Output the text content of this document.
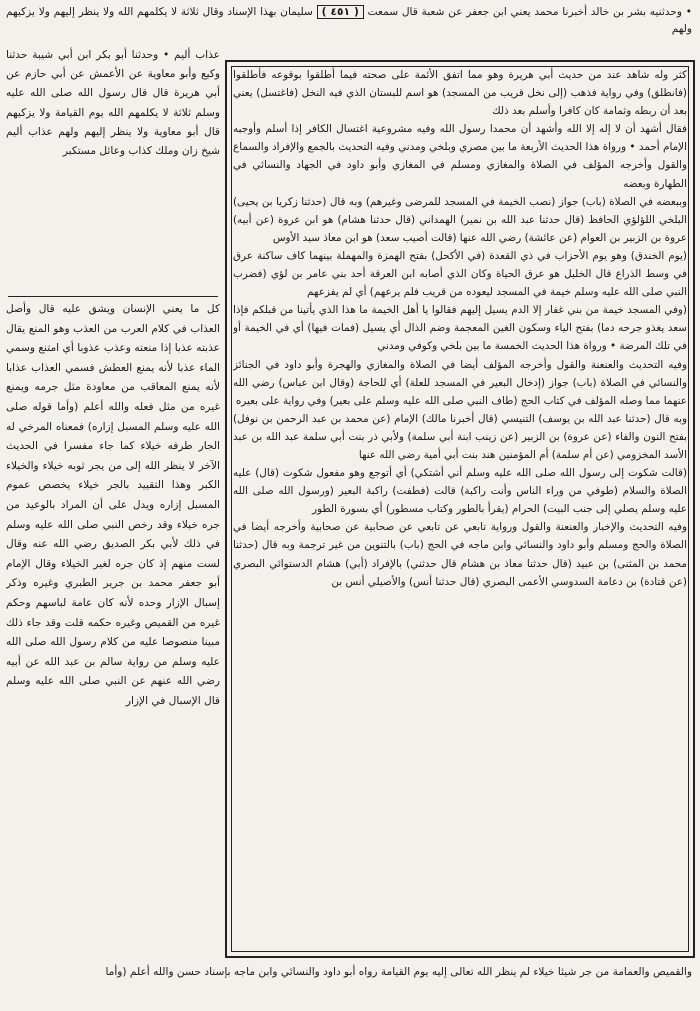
• وحدثنيه بشر بن خالد أخبرنا محمد يعني ابن جعفر عن شعبة قال سمعت ( ٤٥١ ) سليمان بهذا الإسناد وقال ثلاثة لا يكلمهم الله ولا ينظر إليهم ولا يزكيهم ولهم

كثر وله شاهد عند من حديث أبي هريرة وهو مما اتفق الأئمة على صحته فيما أطلقوا بوقوعه فأطلقوا (فانطلق) وفي رواية فذهب (إلى نخل قريب من المسجد) هو اسم للبستان الذي فيه النخل (فاغتسل) يعني بعد أن ربطه وثمامة كان كافرا وأسلم بعد ذلك

فقال أشهد أن لا إله إلا الله وأشهد أن محمدا رسول الله وفيه مشروعية اغتسال الكافر إذا أسلم وأوجبه الإمام أحمد • ورواة هذا الحديث الأربعة ما بين مصري وبلخي ومدني وفيه التحديث بالجمع والإفراد والسماع والقول وأخرجه المؤلف في الصلاة والمغازي ومسلم في المغازي وأبو داود في الجهاد والنسائي في الطهارة وبعضه

وببعضه في الصلاة (باب) جواز (نصب الخيمة في المسجد للمرضى وغيرهم) وبه قال (حدثنا زكريا بن يحيى) البلخي اللؤلؤي الحافظ (قال حدثنا عبد الله بن نمير) الهمداني (قال حدثنا هشام) هو ابن عروة (عن أبيه) عروة بن الزبير بن العوام (عن عائشة) رضي الله عنها (قالت أصيب سعد) هو ابن معاذ سيد الأوس

(يوم الخندق) وهو يوم الأحزاب في ذي القعدة (في الأكحل) بفتح الهمزة والمهملة بينهما كاف ساكنة عرق في وسط الذراع قال الخليل هو عرق الحياة وكان الذي أصابه ابن العرقة أحد بني عامر بن لؤي (فضرب النبي صلى الله عليه وسلم خيمة في المسجد ليعوده من قريب فلم يرعهم) أي لم يفزعهم

(وفي المسجد خيمة من بني غفار إلا الدم يسيل إليهم فقالوا يا أهل الخيمة ما هذا الذي يأتينا من قبلكم فإذا سعد يغذو جرحه دما) بفتح الياء وسكون الغين المعجمة وضم الذال أي يسيل (فمات فيها) أي في الخيمة أو في تلك المرضة • ورواة هذا الحديث الخمسة ما بين بلخي وكوفي ومدني

وفيه التحديث والعنعنة والقول وأخرجه المؤلف أيضا في الصلاة والمغازي والهجرة وأبو داود في الجنائز والنسائي في الصلاة (باب) جواز (إدخال البعير في المسجد للعلة) أي للحاجة (وقال ابن عباس) رضي الله عنهما مما وصله المؤلف في كتاب الحج (طاف النبي صلى الله عليه وسلم على بعير) وفي رواية على بعيره

وبه قال (حدثنا عبد الله بن يوسف) التنيسي (قال أخبرنا مالك) الإمام (عن محمد بن عبد الرحمن بن نوفل) بفتح النون والفاء (عن عروة) بن الزبير (عن زينب ابنة أبي سلمة) ولأبي ذر بنت أبي سلمة عبد الله بن عبد الأسد المخزومي (عن أم سلمة) أم المؤمنين هند بنت أبي أمية رضي الله عنها

(قالت شكوت إلى رسول الله صلى الله عليه وسلم أني أشتكي) أي أتوجع وهو مفعول شكوت (قال) عليه الصلاة والسلام (طوفي من وراء الناس وأنت راكبة) قالت (فطفت) راكبة البعير (ورسول الله صلى الله عليه وسلم يصلي إلى جنب البيت) الحرام (يقرأ بالطور وكتاب مسطور) أي بسورة الطور

وفيه التحديث والإخبار والعنعنة والقول ورواية تابعي عن تابعي عن صحابية عن صحابية وأخرجه أيضا في الصلاة والحج ومسلم وأبو داود والنسائي وابن ماجه في الحج (باب) بالتنوين من غير ترجمة وبه قال (حدثنا محمد بن المثنى) بن عبيد (قال حدثنا معاذ بن هشام قال حدثني) بالإفراد (أبي) هشام الدستوائي البصري (عن قتادة) بن دعامة السدوسي الأعمى البصري (قال حدثنا أنس) والأصيلي أنس بن

عذاب أليم • وحدثنا أبو بكر ابن أبي شيبة حدثنا وكيع وأبو معاوية عن الأعمش عن أبي حازم عن أبي هريرة قال قال رسول الله صلى الله عليه وسلم ثلاثة لا يكلمهم الله يوم القيامة ولا يزكيهم قال أبو معاوية ولا ينظر إليهم ولهم عذاب أليم شيخ زان وملك كذاب وعائل مستكبر
كل ما يعني الإنسان ويشق عليه قال وأصل العذاب في كلام العرب من العذب وهو المنع يقال عذبته عذبا إذا منعته وعذب عذوبا أي امتنع وسمي الماء عذبا لأنه يمنع العطش فسمي العذاب عذابا لأنه يمنع المعاقب من معاودة مثل جرمه ويمنع غيره من مثل فعله والله أعلم (وأما قوله صلى الله عليه وسلم المسبل إزاره) فمعناه المرخي له الجار طرفه خيلاء كما جاء مفسرا في الحديث الآخر لا ينظر الله إلى من يجر ثوبه خيلاء والخيلاء الكبر وهذا التقييد بالجر خيلاء يخصص عموم المسبل إزاره ويدل على أن المراد بالوعيد من جره خيلاء وقد رخص النبي صلى الله عليه وسلم في ذلك لأبي بكر الصديق رضي الله عنه وقال لست منهم إذ كان جره لغير الخيلاء وقال الإمام أبو جعفر محمد بن جرير الطبري وغيره وذكر إسبال الإزار وحده لأنه كان عامة لباسهم وحكم غيره من القميص وغيره حكمه قلت وقد جاء ذلك مبينا منصوصا عليه من كلام رسول الله صلى الله عليه وسلم من رواية سالم بن عبد الله عن أبيه رضي الله عنهم عن النبي صلى الله عليه وسلم قال الإسبال في الإزار
والقميص والعمامة من جر شيئا خيلاء لم ينظر الله تعالى إليه يوم القيامة رواه أبو داود والنسائي وابن ماجه بإسناد حسن والله أعلم (وأما
